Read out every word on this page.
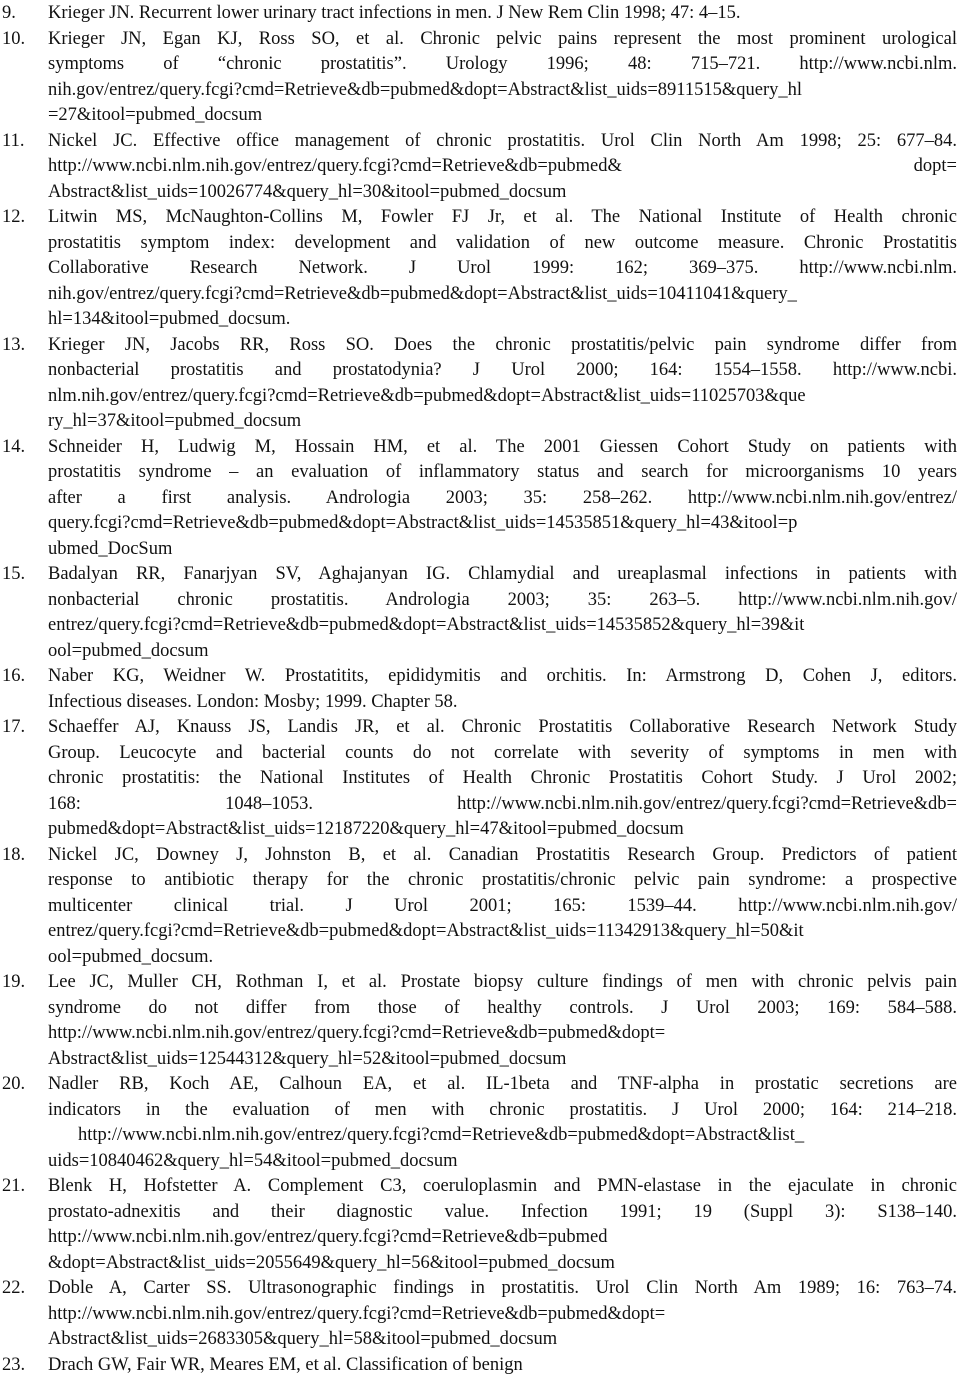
9.	Krieger JN. Recurrent lower urinary tract infections in men. J New Rem Clin 1998; 47: 4–15.
10.	Krieger JN, Egan KJ, Ross SO, et al. Chronic pelvic pains represent the most prominent urological
symptoms of “chronic prostatitis”. Urology 1996; 48: 715–721. http://www.ncbi.nlm.
nih.gov/entrez/query.fcgi?cmd=Retrieve&db=pubmed&dopt=Abstract&list_uids=8911515&query_hl
=27&itool=pubmed_docsum
11.	Nickel JC. Effective office management of chronic prostatitis. Urol Clin North Am 1998; 25: 677–84.
http://www.ncbi.nlm.nih.gov/entrez/query.fcgi?cmd=Retrieve&db=pubmed& dopt=
Abstract&list_uids=10026774&query_hl=30&itool=pubmed_docsum
12.	Litwin MS, McNaughton-Collins M, Fowler FJ Jr, et al. The National Institute of Health chronic
prostatitis symptom index: development and validation of new outcome measure. Chronic Prostatitis
Collaborative Research Network. J Urol 1999: 162; 369–375. http://www.ncbi.nlm.
nih.gov/entrez/query.fcgi?cmd=Retrieve&db=pubmed&dopt=Abstract&list_uids=10411041&query_
hl=134&itool=pubmed_docsum.
13.	Krieger JN, Jacobs RR, Ross SO. Does the chronic prostatitis/pelvic pain syndrome differ from
nonbacterial prostatitis and prostatodynia? J Urol 2000; 164: 1554–1558. http://www.ncbi.
nlm.nih.gov/entrez/query.fcgi?cmd=Retrieve&db=pubmed&dopt=Abstract&list_uids=11025703&que
ry_hl=37&itool=pubmed_docsum
14.	Schneider H, Ludwig M, Hossain HM, et al. The 2001 Giessen Cohort Study on patients with
prostatitis syndrome – an evaluation of inflammatory status and search for microorganisms 10 years
after a first analysis. Andrologia 2003; 35: 258–262. http://www.ncbi.nlm.nih.gov/entrez/
query.fcgi?cmd=Retrieve&db=pubmed&dopt=Abstract&list_uids=14535851&query_hl=43&itool=p
ubmed_DocSum
15.	Badalyan RR, Fanarjyan SV, Aghajanyan IG. Chlamydial and ureaplasmal infections in patients with
nonbacterial chronic prostatitis. Andrologia 2003; 35: 263–5. http://www.ncbi.nlm.nih.gov/
entrez/query.fcgi?cmd=Retrieve&db=pubmed&dopt=Abstract&list_uids=14535852&query_hl=39&it
ool=pubmed_docsum
16.	Naber KG, Weidner W. Prostatitits, epididymitis and orchitis. In: Armstrong D, Cohen J, editors.
Infectious diseases. London: Mosby; 1999. Chapter 58.
17.	Schaeffer AJ, Knauss JS, Landis JR, et al. Chronic Prostatitis Collaborative Research Network Study
Group. Leucocyte and bacterial counts do not correlate with severity of symptoms in men with
chronic prostatitis: the National Institutes of Health Chronic Prostatitis Cohort Study. J Urol 2002;
168: 1048–1053. http://www.ncbi.nlm.nih.gov/entrez/query.fcgi?cmd=Retrieve&db=
pubmed&dopt=Abstract&list_uids=12187220&query_hl=47&itool=pubmed_docsum
18.	Nickel JC, Downey J, Johnston B, et al. Canadian Prostatitis Research Group. Predictors of patient
response to antibiotic therapy for the chronic prostatitis/chronic pelvic pain syndrome: a prospective
multicenter clinical trial. J Urol 2001; 165: 1539–44. http://www.ncbi.nlm.nih.gov/
entrez/query.fcgi?cmd=Retrieve&db=pubmed&dopt=Abstract&list_uids=11342913&query_hl=50&it
ool=pubmed_docsum.
19.	Lee JC, Muller CH, Rothman I, et al. Prostate biopsy culture findings of men with chronic pelvis pain
syndrome do not differ from those of healthy controls. J Urol 2003; 169: 584–588.
http://www.ncbi.nlm.nih.gov/entrez/query.fcgi?cmd=Retrieve&db=pubmed&dopt=
Abstract&list_uids=12544312&query_hl=52&itool=pubmed_docsum
20.	Nadler RB, Koch AE, Calhoun EA, et al. IL-1beta and TNF-alpha in prostatic secretions are
indicators in the evaluation of men with chronic prostatitis. J Urol 2000; 164: 214–218.
http://www.ncbi.nlm.nih.gov/entrez/query.fcgi?cmd=Retrieve&db=pubmed&dopt=Abstract&list_
uids=10840462&query_hl=54&itool=pubmed_docsum
21.	Blenk H, Hofstetter A. Complement C3, coeruloplasmin and PMN-elastase in the ejaculate in chronic
prostato-adnexitis and their diagnostic value. Infection 1991; 19 (Suppl 3): S138–140.
http://www.ncbi.nlm.nih.gov/entrez/query.fcgi?cmd=Retrieve&db=pubmed
&dopt=Abstract&list_uids=2055649&query_hl=56&itool=pubmed_docsum
22.	Doble A, Carter SS. Ultrasonographic findings in prostatitis. Urol Clin North Am 1989; 16: 763–74.
http://www.ncbi.nlm.nih.gov/entrez/query.fcgi?cmd=Retrieve&db=pubmed&dopt=
Abstract&list_uids=2683305&query_hl=58&itool=pubmed_docsum
23.	Drach GW, Fair WR, Meares EM, et al. Classification of benign
